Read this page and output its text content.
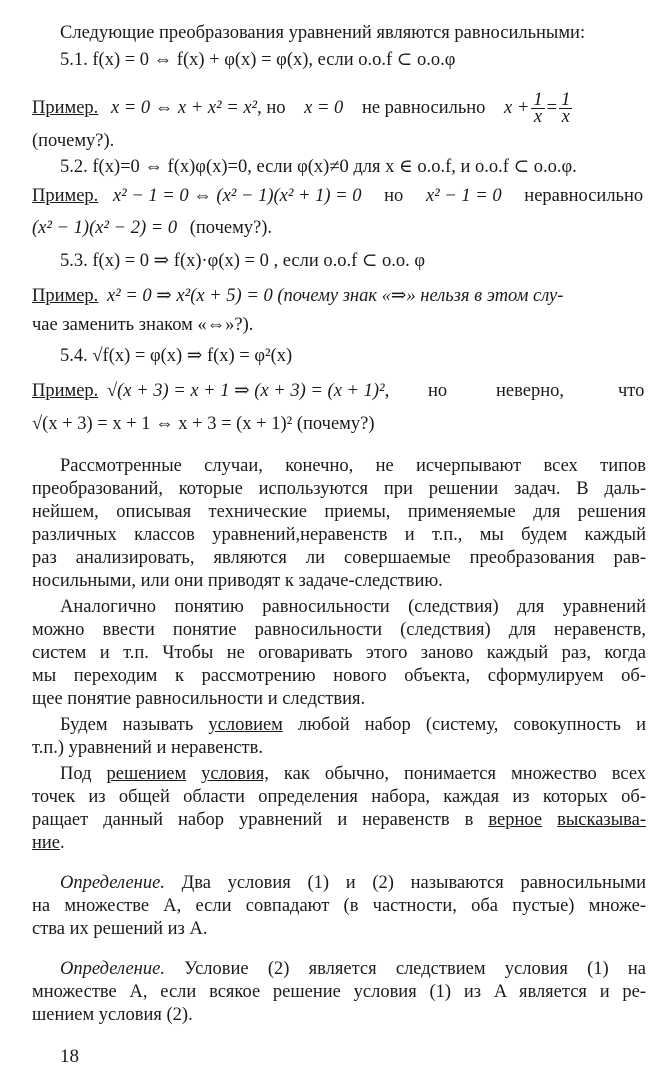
Следующие преобразования уравнений являются равносильными:
5.1. f(x) = 0 ⇔ f(x) + φ(x) = φ(x), если о.о.f ⊂ о.о.φ
Пример. x = 0 ⇔ x + x² = x², но x = 0 не равносильно $x + \frac{1}{x} = \frac{1}{x}$
(почему?).
5.2. f(x)=0 ⇔ f(x)φ(x)=0, если φ(x)≠0 для x ∈ о.о.f, и о.о.f ⊂ о.о.φ.
Пример. x² − 1 = 0 ⇔ (x² − 1)(x² + 1) = 0 но x² − 1 = 0 неравносильно
(x² − 1)(x² − 2) = 0 (почему?).
5.3. f(x) = 0 ⇒ f(x)·φ(x) = 0 , если о.о.f ⊂ о.о. φ
Пример. x² = 0 ⇒ x²(x + 5) = 0 (почему знак «⇒» нельзя в этом слу-
чае заменить знаком «⇔»?).
5.4. √f(x) = φ(x) ⇒ f(x) = φ²(x)
Пример. √(x + 3) = x + 1 ⇒ (x + 3) = (x + 1)², но	неверно,	что
√(x + 3) = x + 1 ⇔ x + 3 = (x + 1)² (почему?)
Рассмотренные случаи, конечно, не исчерпывают всех типов
преобразований, которые используются при решении задач. В даль-
нейшем, описывая технические приемы, применяемые для решения
различных классов уравнений,неравенств и т.п., мы будем каждый
раз анализировать, являются ли совершаемые преобразования рав-
носильными, или они приводят к задаче-следствию.
Аналогично понятию равносильности (следствия) для уравнений
можно ввести понятие равносильности (следствия) для неравенств,
систем и т.п. Чтобы не оговаривать этого заново каждый раз, когда
мы переходим к рассмотрению нового объекта, сформулируем об-
щее понятие равносильности и следствия.
Будем называть условием любой набор (систему, совокупность и
т.п.) уравнений и неравенств.
Под решением условия, как обычно, понимается множество всех
точек из общей области определения набора, каждая из которых об-
ращает данный набор уравнений и неравенств в верное высказыва-
ние.
Определение. Два условия (1) и (2) называются равносильными
на множестве A, если совпадают (в частности, оба пустые) множе-
ства их решений из A.
Определение. Условие (2) является следствием условия (1) на
множестве A, если всякое решение условия (1) из A является и ре-
шением условия (2).
18
